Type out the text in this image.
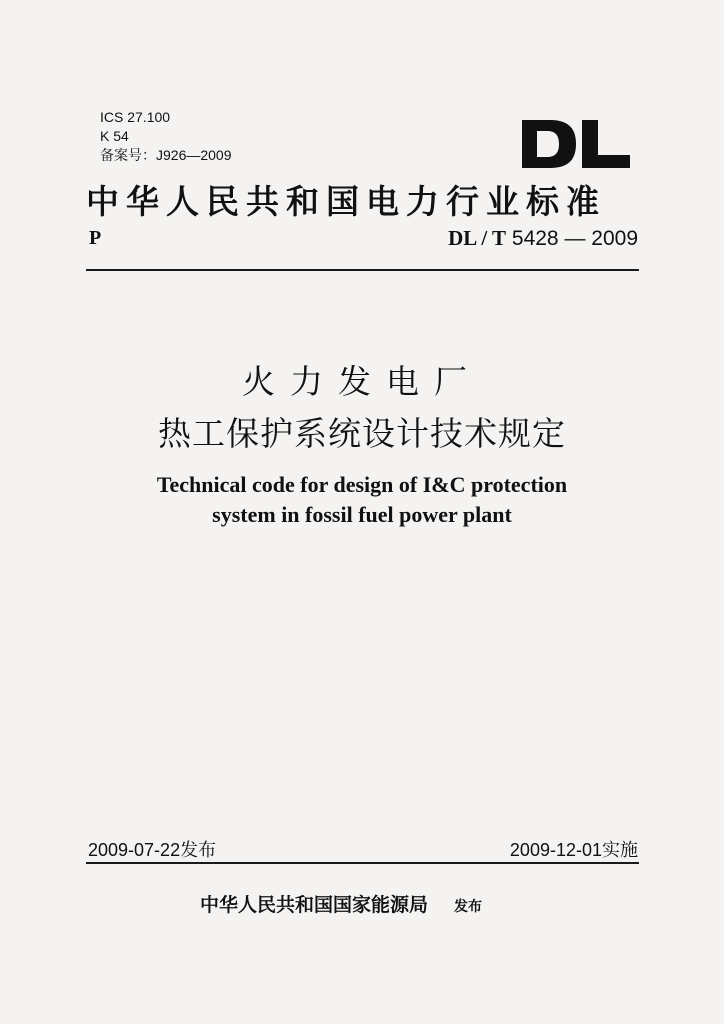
ICS 27.100
K 54
备案号：J926—2009
中华人民共和国电力行业标准
P	DL / T 5428 — 2009
火力发电厂
热工保护系统设计技术规定
Technical code for design of I&C protection
system in fossil fuel power plant
2009-07-22发布	2009-12-01实施
中华人民共和国国家能源局 发布
